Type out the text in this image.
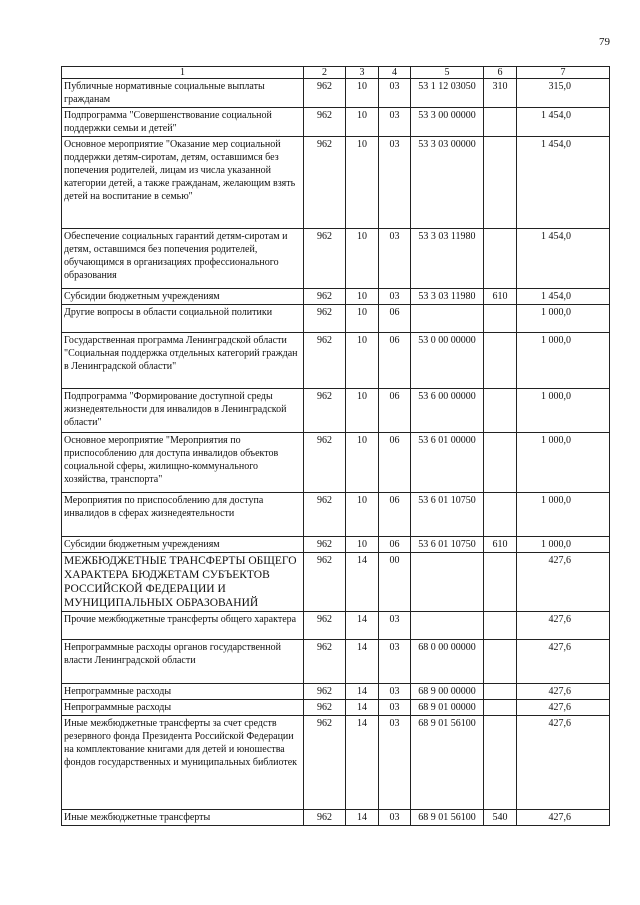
79
1	2	3	4	5	6	7
Публичные нормативные социальные выплаты гражданам	962	10	03	53 1 12 03050	310	315,0
Подпрограмма "Совершенствование социальной поддержки семьи и детей"	962	10	03	53 3 00 00000		1 454,0
Основное мероприятие "Оказание мер социальной поддержки детям-сиротам, детям, оставшимся без попечения родителей, лицам из числа указанной категории детей, а также гражданам, желающим взять детей на воспитание в семью"	962	10	03	53 3 03 00000		1 454,0
Обеспечение социальных гарантий детям-сиротам и детям, оставшимся без попечения родителей, обучающимся в организациях профессионального образования	962	10	03	53 3 03 11980		1 454,0
Субсидии бюджетным учреждениям	962	10	03	53 3 03 11980	610	1 454,0
Другие вопросы в области социальной политики	962	10	06			1 000,0
Государственная программа Ленинградской области "Социальная поддержка отдельных категорий граждан в Ленинградской области"	962	10	06	53 0 00 00000		1 000,0
Подпрограмма "Формирование доступной среды жизнедеятельности для инвалидов в Ленинградской области"	962	10	06	53 6 00 00000		1 000,0
Основное мероприятие "Мероприятия по приспособлению для доступа инвалидов объектов социальной сферы, жилищно-коммунального хозяйства, транспорта"	962	10	06	53 6 01 00000		1 000,0
Мероприятия по приспособлению для доступа инвалидов в сферах жизнедеятельности	962	10	06	53 6 01 10750		1 000,0
Субсидии бюджетным учреждениям	962	10	06	53 6 01 10750	610	1 000,0
МЕЖБЮДЖЕТНЫЕ ТРАНСФЕРТЫ ОБЩЕГО ХАРАКТЕРА БЮДЖЕТАМ СУБЪЕКТОВ РОССИЙСКОЙ ФЕДЕРАЦИИ И МУНИЦИПАЛЬНЫХ ОБРАЗОВАНИЙ	962	14	00			427,6
Прочие межбюджетные трансферты общего характера	962	14	03			427,6
Непрограммные расходы органов государственной власти Ленинградской области	962	14	03	68 0 00 00000		427,6
Непрограммные расходы	962	14	03	68 9 00 00000		427,6
Непрограммные расходы	962	14	03	68 9 01 00000		427,6
Иные межбюджетные трансферты за счет средств резервного фонда Президента Российской Федерации на комплектование книгами для детей и юношества фондов государственных и муниципальных библиотек	962	14	03	68 9 01 56100		427,6
Иные межбюджетные трансферты	962	14	03	68 9 01 56100	540	427,6
